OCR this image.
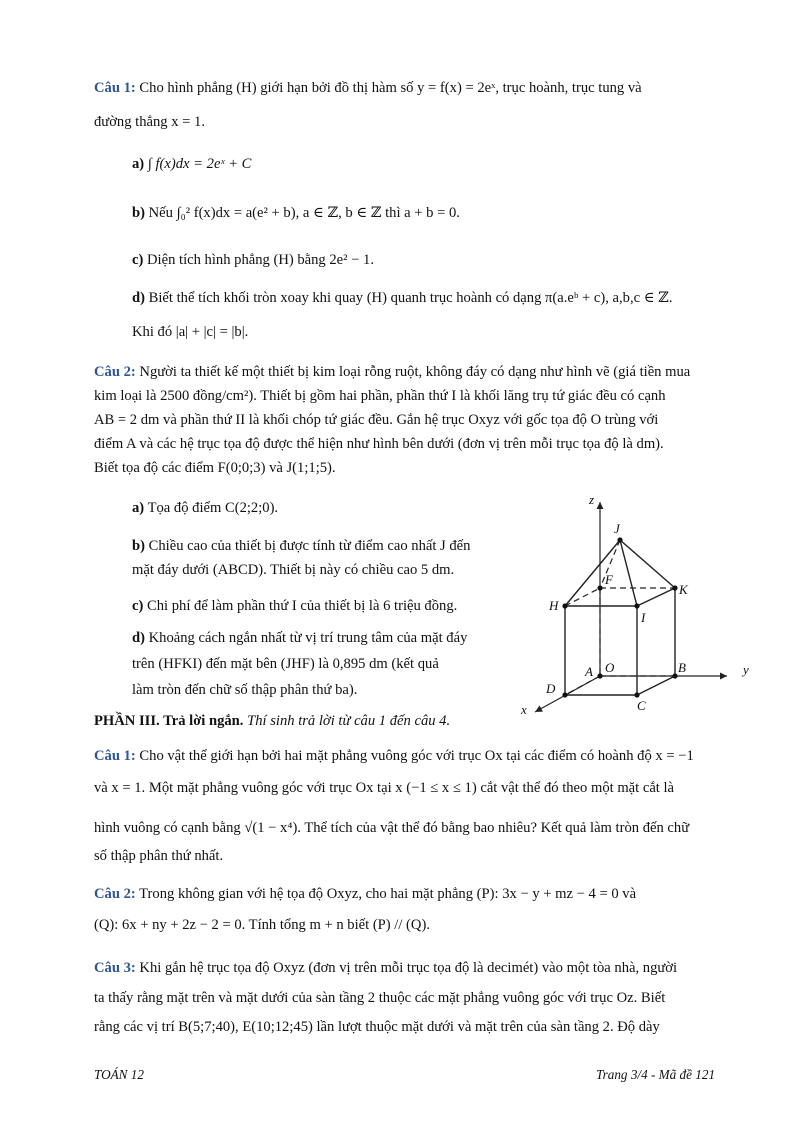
Câu 1: Cho hình phẳng (H) giới hạn bởi đồ thị hàm số y = f(x) = 2eˣ, trục hoành, trục tung và
đường thẳng x = 1.
a) ∫ f(x)dx = 2eˣ + C
b) Nếu ∫₀² f(x)dx = a(e² + b), a ∈ ℤ, b ∈ ℤ thì a + b = 0.
c) Diện tích hình phẳng (H) bằng 2e² − 1.
d) Biết thể tích khối tròn xoay khi quay (H) quanh trục hoành có dạng π(a.eᵇ + c), a,b,c ∈ ℤ.
Khi đó |a| + |c| = |b|.
Câu 2: Người ta thiết kế một thiết bị kim loại rỗng ruột, không đáy có dạng như hình vẽ (giá tiền mua
kim loại là 2500 đồng/cm²). Thiết bị gồm hai phần, phần thứ I là khối lăng trụ tứ giác đều có cạnh
AB = 2 dm và phần thứ II là khối chóp tứ giác đều. Gắn hệ trục Oxyz với gốc tọa độ O trùng với
điểm A và các hệ trục tọa độ được thể hiện như hình bên dưới (đơn vị trên mỗi trục tọa độ là dm).
Biết tọa độ các điểm F(0;0;3) và J(1;1;5).
a) Tọa độ điểm C(2;2;0).
b) Chiều cao của thiết bị được tính từ điểm cao nhất J đến
mặt đáy dưới (ABCD). Thiết bị này có chiều cao 5 dm.
c) Chi phí để làm phần thứ I của thiết bị là 6 triệu đồng.
d) Khoảng cách ngắn nhất từ vị trí trung tâm của mặt đáy
trên (HFKI) đến mặt bên (JHF) là 0,895 dm (kết quả
làm tròn đến chữ số thập phân thứ ba).
z
J
F
K
H
I
A O	B	y
D
C
x
PHẦN III. Trả lời ngắn. Thí sinh trả lời từ câu 1 đến câu 4.
Câu 1: Cho vật thể giới hạn bởi hai mặt phẳng vuông góc với trục Ox tại các điểm có hoành độ x = −1
và x = 1. Một mặt phẳng vuông góc với trục Ox tại x (−1 ≤ x ≤ 1) cắt vật thể đó theo một mặt cắt là
hình vuông có cạnh bằng √(1 − x⁴). Thể tích của vật thể đó bằng bao nhiêu? Kết quả làm tròn đến chữ
số thập phân thứ nhất.
Câu 2: Trong không gian với hệ tọa độ Oxyz, cho hai mặt phẳng (P): 3x − y + mz − 4 = 0 và
(Q): 6x + ny + 2z − 2 = 0. Tính tổng m + n biết (P) // (Q).
Câu 3: Khi gắn hệ trục tọa độ Oxyz (đơn vị trên mỗi trục tọa độ là decimét) vào một tòa nhà, người
ta thấy rằng mặt trên và mặt dưới của sàn tầng 2 thuộc các mặt phẳng vuông góc với trục Oz. Biết
rằng các vị trí B(5;7;40), E(10;12;45) lần lượt thuộc mặt dưới và mặt trên của sàn tầng 2. Độ dày
TOÁN 12	Trang 3/4 - Mã đề 121
